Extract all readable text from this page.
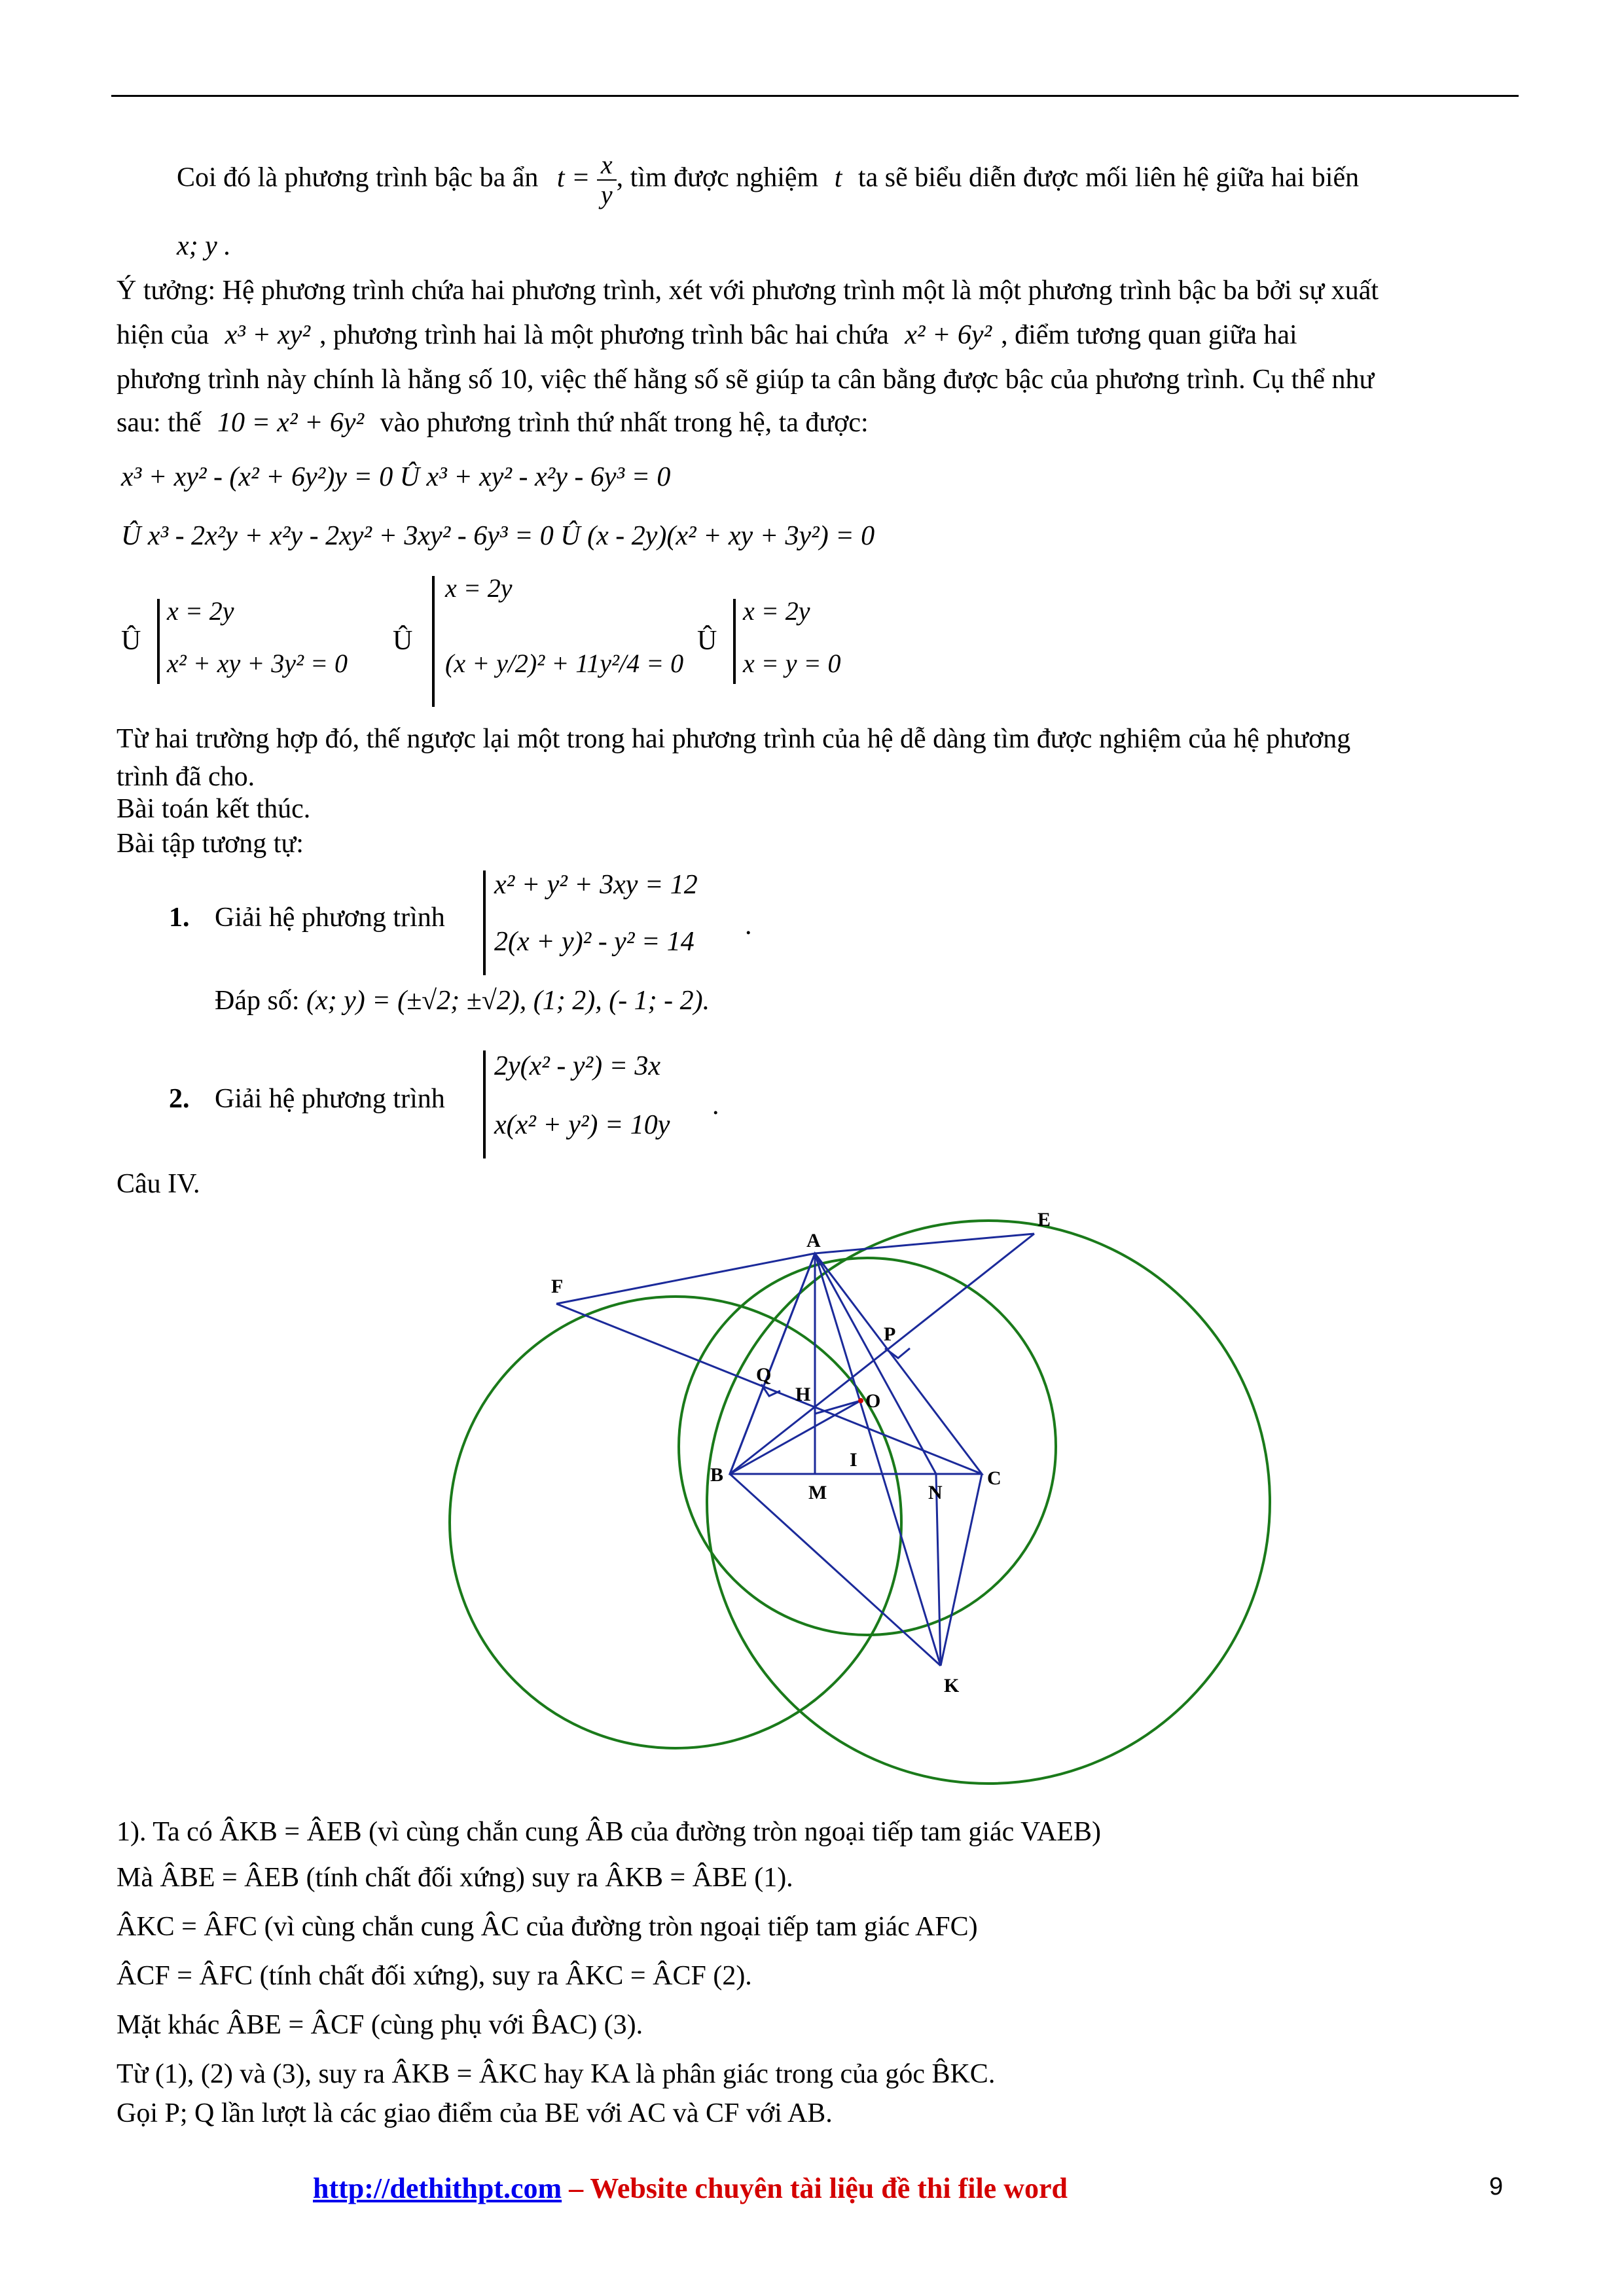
Coi đó là phương trình bậc ba ẩn $t = \frac{x}{y}$ , tìm được nghiệm t ta sẽ biểu diễn được mối liên hệ giữa hai biến
x; y .
Ý tưởng: Hệ phương trình chứa hai phương trình, xét với phương trình một là một phương trình bậc ba bởi sự xuất
hiện của x³ + xy² , phương trình hai là một phương trình bâc hai chứa x² + 6y² , điểm tương quan giữa hai
phương trình này chính là hằng số 10, việc thế hằng số sẽ giúp ta cân bằng được bậc của phương trình. Cụ thể như
sau: thế 10 = x² + 6y² vào phương trình thứ nhất trong hệ, ta được:
x³ + xy² - (x² + 6y²)y = 0 Û x³ + xy² - x²y - 6y³ = 0
Û x³ - 2x²y + x²y - 2xy² + 3xy² - 6y³ = 0 Û (x - 2y)(x² + xy + 3y²) = 0
Û
x = 2y
x² + xy + 3y² = 0
Û
x = 2y
(x + y/2)² + 11y²/4 = 0
Û
x = 2y
x = y = 0
Từ hai trường hợp đó, thế ngược lại một trong hai phương trình của hệ dễ dàng tìm được nghiệm của hệ phương
trình đã cho.
Bài toán kết thúc.
Bài tập tương tự:
1. Giải hệ phương trình
x² + y² + 3xy = 12
2(x + y)² - y² = 14
.
Đáp số: (x; y) = (±√2; ±√2), (1; 2), (- 1; - 2).
2. Giải hệ phương trình
2y(x² - y²) = 3x
x(x² + y²) = 10y
.
Câu IV.
A
E
F
P
Q
H	O
B
I
C
M	N
K
1). Ta có ÂKB = ÂEB (vì cùng chắn cung ÂB của đường tròn ngoại tiếp tam giác VAEB)
Mà ÂBE = ÂEB (tính chất đối xứng) suy ra ÂKB = ÂBE (1).
ÂKC = ÂFC (vì cùng chắn cung ÂC của đường tròn ngoại tiếp tam giác AFC)
ÂCF = ÂFC (tính chất đối xứng), suy ra ÂKC = ÂCF (2).
Mặt khác ÂBE = ÂCF (cùng phụ với B̂AC) (3).
Từ (1), (2) và (3), suy ra ÂKB = ÂKC hay KA là phân giác trong của góc B̂KC.
Gọi P; Q lần lượt là các giao điểm của BE với AC và CF với AB.
http://dethithpt.com – Website chuyên tài liệu đề thi file word	9
